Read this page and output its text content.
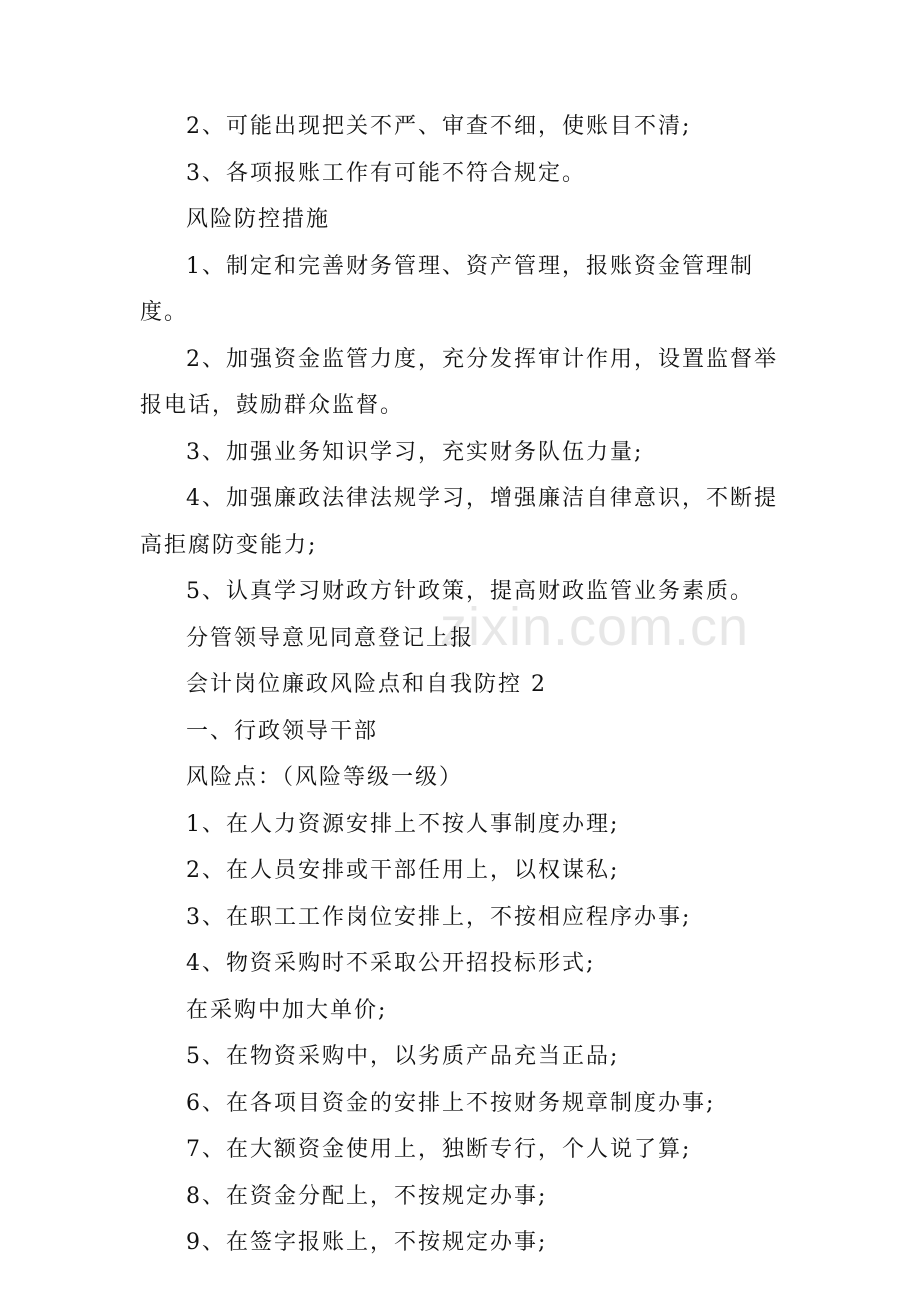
2、可能出现把关不严、审查不细，使账目不清;

3、各项报账工作有可能不符合规定。

风险防控措施

1、制定和完善财务管理、资产管理，报账资金管理制度。

2、加强资金监管力度，充分发挥审计作用，设置监督举报电话，鼓励群众监督。

3、加强业务知识学习，充实财务队伍力量;

4、加强廉政法律法规学习，增强廉洁自律意识，不断提高拒腐防变能力;

5、认真学习财政方针政策，提高财政监管业务素质。

分管领导意见同意登记上报

会计岗位廉政风险点和自我防控 2

一、行政领导干部

风险点：（风险等级一级）

1、在人力资源安排上不按人事制度办理;

2、在人员安排或干部任用上，以权谋私;

3、在职工工作岗位安排上，不按相应程序办事;

4、物资采购时不采取公开招投标形式;

在采购中加大单价;

5、在物资采购中，以劣质产品充当正品;

6、在各项目资金的安排上不按财务规章制度办事;

7、在大额资金使用上，独断专行，个人说了算;

8、在资金分配上，不按规定办事;

9、在签字报账上，不按规定办事;

zixin.com.cn
